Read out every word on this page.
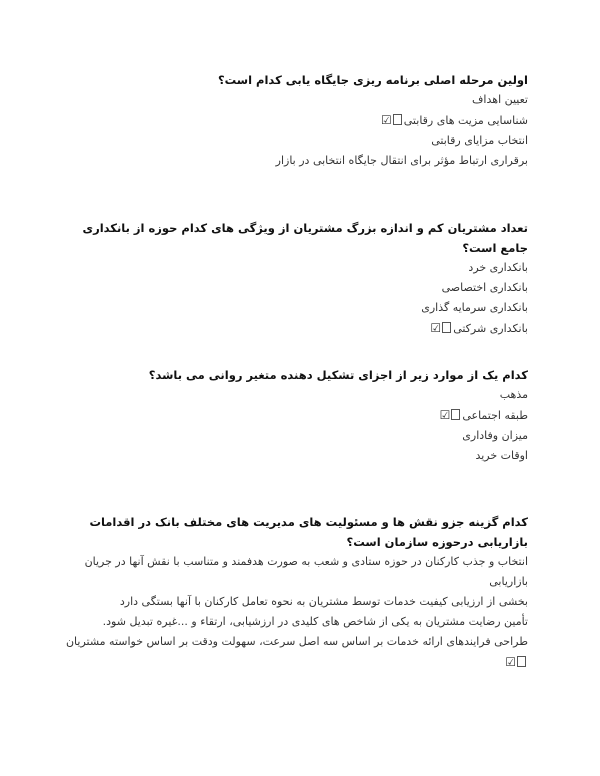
اولین مرحله اصلی برنامه ریزی جایگاه یابی کدام است؟
تعیین اهداف
شناسایی مزیت های رقابتی☑
انتخاب مزایای رقابتی
برقراری ارتباط مؤثر برای انتقال جایگاه انتخابی در بازار
تعداد مشتریان کم و اندازه بزرگ مشتریان از ویژگی های کدام حوزه از بانکداری جامع است؟
بانکداری خرد
بانکداری اختصاصی
بانکداری سرمایه گذاری
بانکداری شرکتی☑
کدام یک از موارد زیر از اجزای تشکیل دهنده متغیر روانی می باشد؟
مذهب
طبقه اجتماعی☑
میزان وفاداری
اوقات خرید
کدام گزینه جزو نقش ها و مسئولیت های مدیریت های مختلف بانک در اقدامات بازاریابی درحوزه سازمان است؟
انتخاب و جذب کارکنان در حوزه ستادی و شعب به صورت هدفمند و متناسب با نقش آنها در جریان بازاریابی
بخشی از ارزیابی کیفیت خدمات توسط مشتریان به نحوه تعامل کارکنان با آنها بستگی دارد
تأمین رضایت مشتریان به یکی از شاخص های کلیدی در ارزشیابی، ارتقاء و ...غیره تبدیل شود.
طراحی فرایندهای ارائه خدمات بر اساس سه اصل سرعت، سهولت ودقت بر اساس خواسته مشتریان☑
